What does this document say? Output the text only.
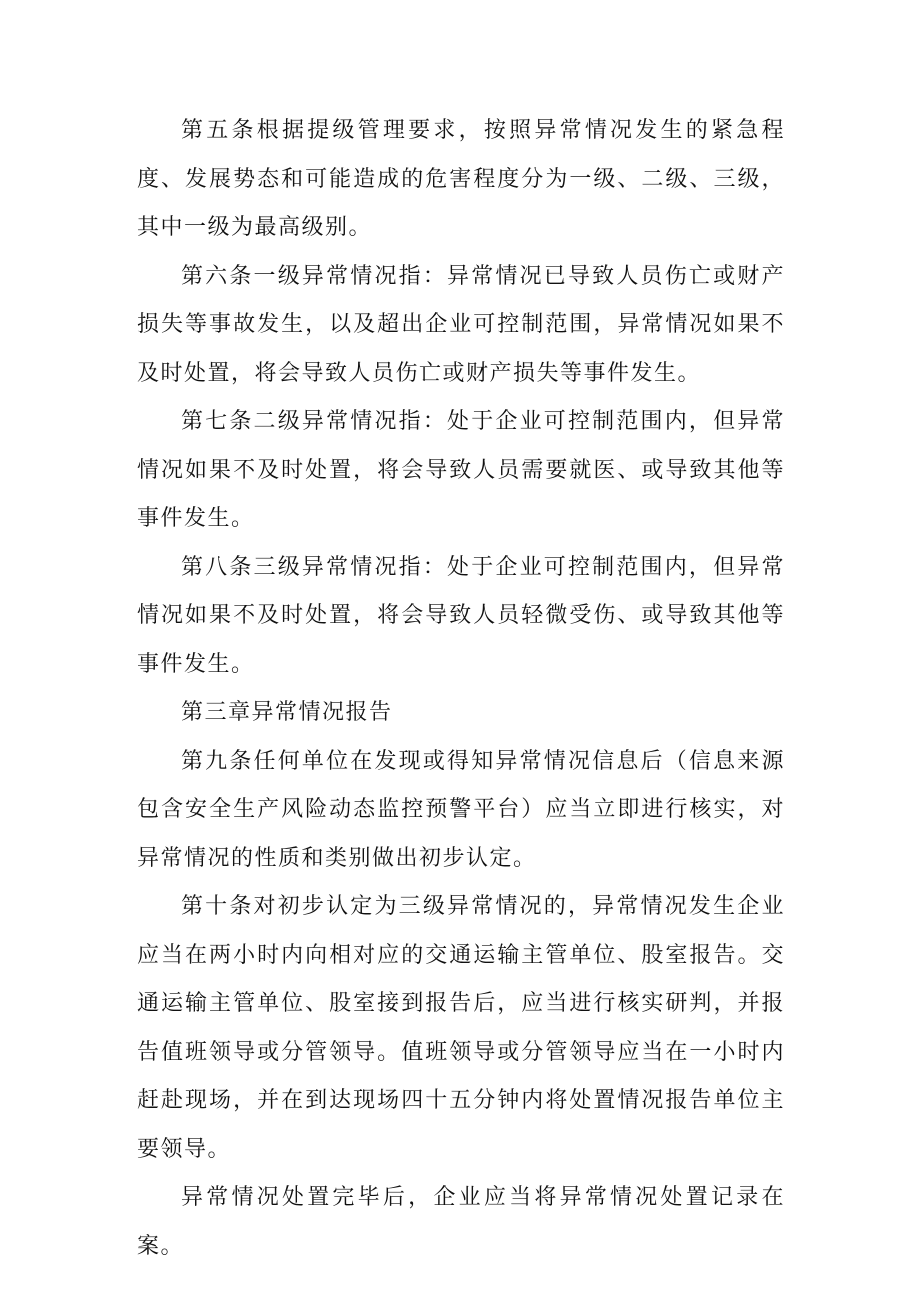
第五条根据提级管理要求，按照异常情况发生的紧急程度、发展势态和可能造成的危害程度分为一级、二级、三级，其中一级为最高级别。

第六条一级异常情况指：异常情况已导致人员伤亡或财产损失等事故发生，以及超出企业可控制范围，异常情况如果不及时处置，将会导致人员伤亡或财产损失等事件发生。

第七条二级异常情况指：处于企业可控制范围内，但异常情况如果不及时处置，将会导致人员需要就医、或导致其他等事件发生。

第八条三级异常情况指：处于企业可控制范围内，但异常情况如果不及时处置，将会导致人员轻微受伤、或导致其他等事件发生。

第三章异常情况报告

第九条任何单位在发现或得知异常情况信息后（信息来源包含安全生产风险动态监控预警平台）应当立即进行核实，对异常情况的性质和类别做出初步认定。

第十条对初步认定为三级异常情况的，异常情况发生企业应当在两小时内向相对应的交通运输主管单位、股室报告。交通运输主管单位、股室接到报告后，应当进行核实研判，并报告值班领导或分管领导。值班领导或分管领导应当在一小时内赶赴现场，并在到达现场四十五分钟内将处置情况报告单位主要领导。

异常情况处置完毕后，企业应当将异常情况处置记录在案。
